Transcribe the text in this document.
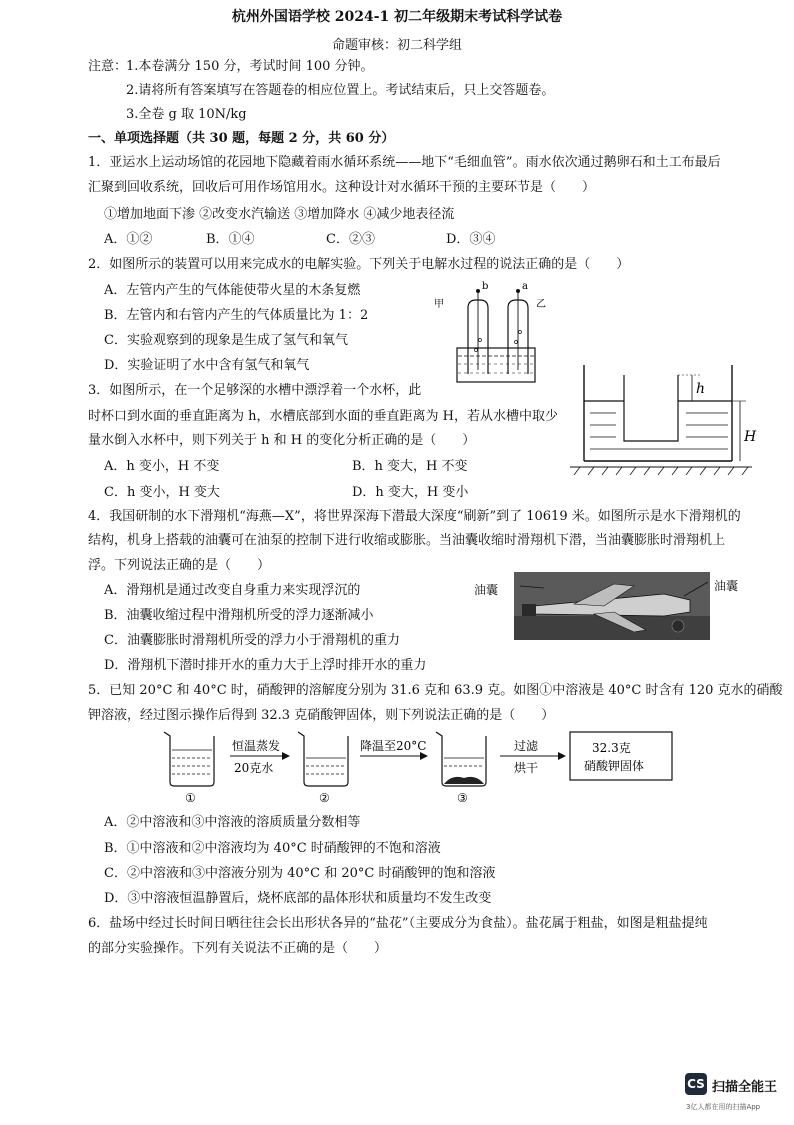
杭州外国语学校 2024-1 初二年级期末考试科学试卷
命题审核：初二科学组
注意：
1.本卷满分 150 分，考试时间 100 分钟。
2.请将所有答案填写在答题卷的相应位置上。考试结束后，只上交答题卷。
3.全卷 g 取 10N/kg
一、单项选择题（共 30 题，每题 2 分，共 60 分）
1．亚运水上运动场馆的花园地下隐藏着雨水循环系统——地下“毛细血管”。雨水依次通过鹅卵石和土工布最后
汇聚到回收系统，回收后可用作场馆用水。这种设计对水循环干预的主要环节是（　　）
①增加地面下渗 ②改变水汽输送 ③增加降水 ④减少地表径流
A．①②	B．①④	C．②③	D．③④
2．如图所示的装置可以用来完成水的电解实验。下列关于电解水过程的说法正确的是（　　）
A．左管内产生的气体能使带火星的木条复燃
B．左管内和右管内产生的气体质量比为 1：2
C．实验观察到的现象是生成了氢气和氧气
D．实验证明了水中含有氢气和氧气
甲	乙
b	a
3．如图所示，在一个足够深的水槽中漂浮着一个水杯，此
时杯口到水面的垂直距离为 h，水槽底部到水面的垂直距离为 H，若从水槽中取少
量水倒入水杯中，则下列关于 h 和 H 的变化分析正确的是（　　）
A．h 变小，H 不变	B．h 变大，H 不变
C．h 变小，H 变大	D．h 变大，H 变小
h
H
4．我国研制的水下滑翔机“海燕—X”，将世界深海下潜最大深度“刷新”到了 10619 米。如图所示是水下滑翔机的
结构，机身上搭载的油囊可在油泵的控制下进行收缩或膨胀。当油囊收缩时滑翔机下潜，当油囊膨胀时滑翔机上
浮。下列说法正确的是（　　）
A．滑翔机是通过改变自身重力来实现浮沉的
B．油囊收缩过程中滑翔机所受的浮力逐渐减小
C．油囊膨胀时滑翔机所受的浮力小于滑翔机的重力
D．滑翔机下潜时排开水的重力大于上浮时排开水的重力
油囊	油囊
5．已知 20°C 和 40°C 时，硝酸钾的溶解度分别为 31.6 克和 63.9 克。如图①中溶液是 40°C 时含有 120 克水的硝酸
钾溶液，经过图示操作后得到 32.3 克硝酸钾固体，则下列说法正确的是（　　）
①
恒温蒸发
20克水
②
降温至20°C
③
过滤
烘干
32.3克
硝酸钾固体
A．②中溶液和③中溶液的溶质质量分数相等
B．①中溶液和②中溶液均为 40°C 时硝酸钾的不饱和溶液
C．②中溶液和③中溶液分别为 40°C 和 20°C 时硝酸钾的饱和溶液
D．③中溶液恒温静置后，烧杯底部的晶体形状和质量均不发生改变
6．盐场中经过长时间日晒往往会长出形状各异的“盐花”（主要成分为食盐）。盐花属于粗盐，如图是粗盐提纯
的部分实验操作。下列有关说法不正确的是（　　）
CS 扫描全能王
3亿人都在用的扫描App
